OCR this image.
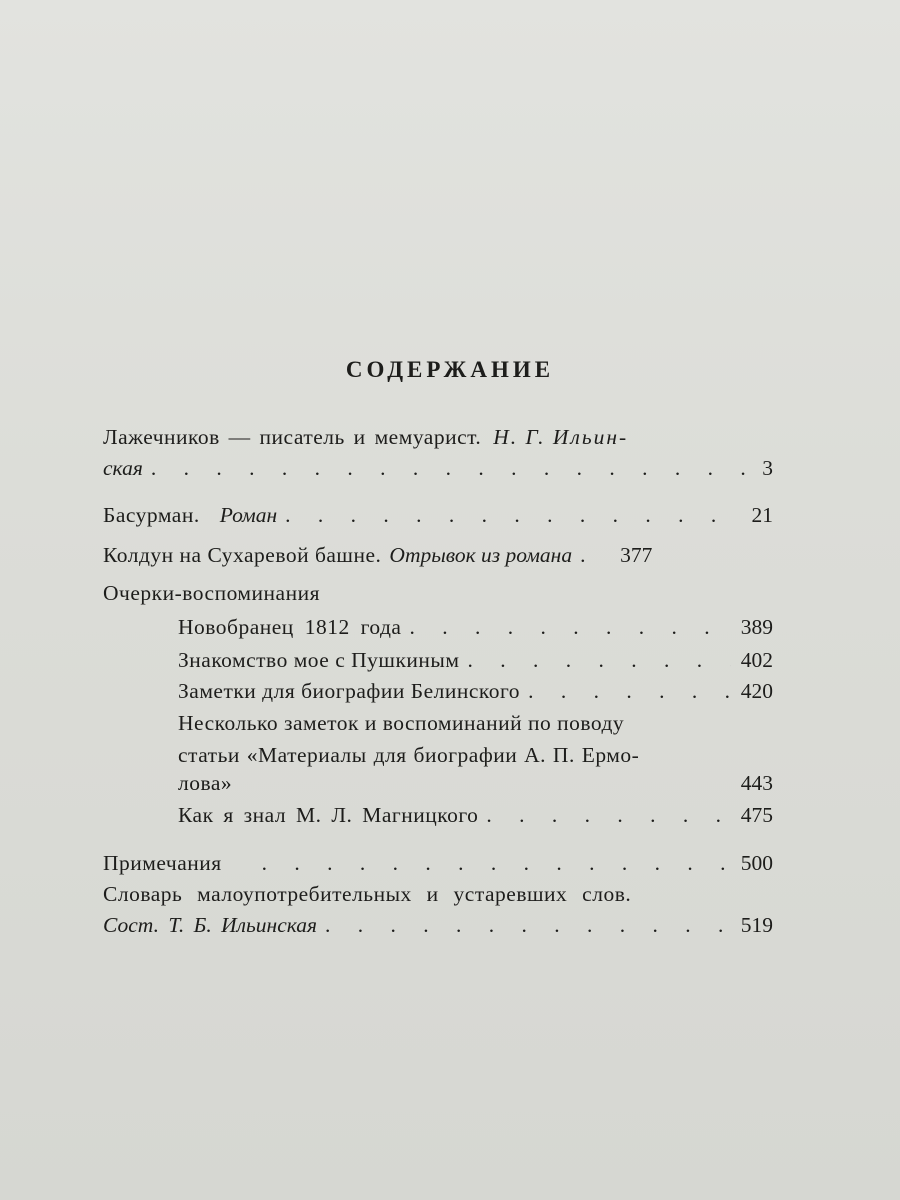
СОДЕРЖАНИЕ
Лажечников — писатель и мемуарист. Н. Г. Ильин-
ская . . .	3
Басурман. Роман . . .	21
Колдун на Сухаревой башне. Отрывок из романа . . . 377
Очерки-воспоминания
Новобранец 1812 года . . .	389
Знакомство мое с Пушкиным . . .	402
Заметки для биографии Белинского . . .	420
Несколько заметок и воспоминаний по поводу
статьи «Материалы для биографии А. П. Ермо-
лова»	443
Как я знал М. Л. Магницкого . . .	475
Примечания . . .	500
Словарь малоупотребительных и устаревших слов.
Сост. Т. Б. Ильинская . . .	519
